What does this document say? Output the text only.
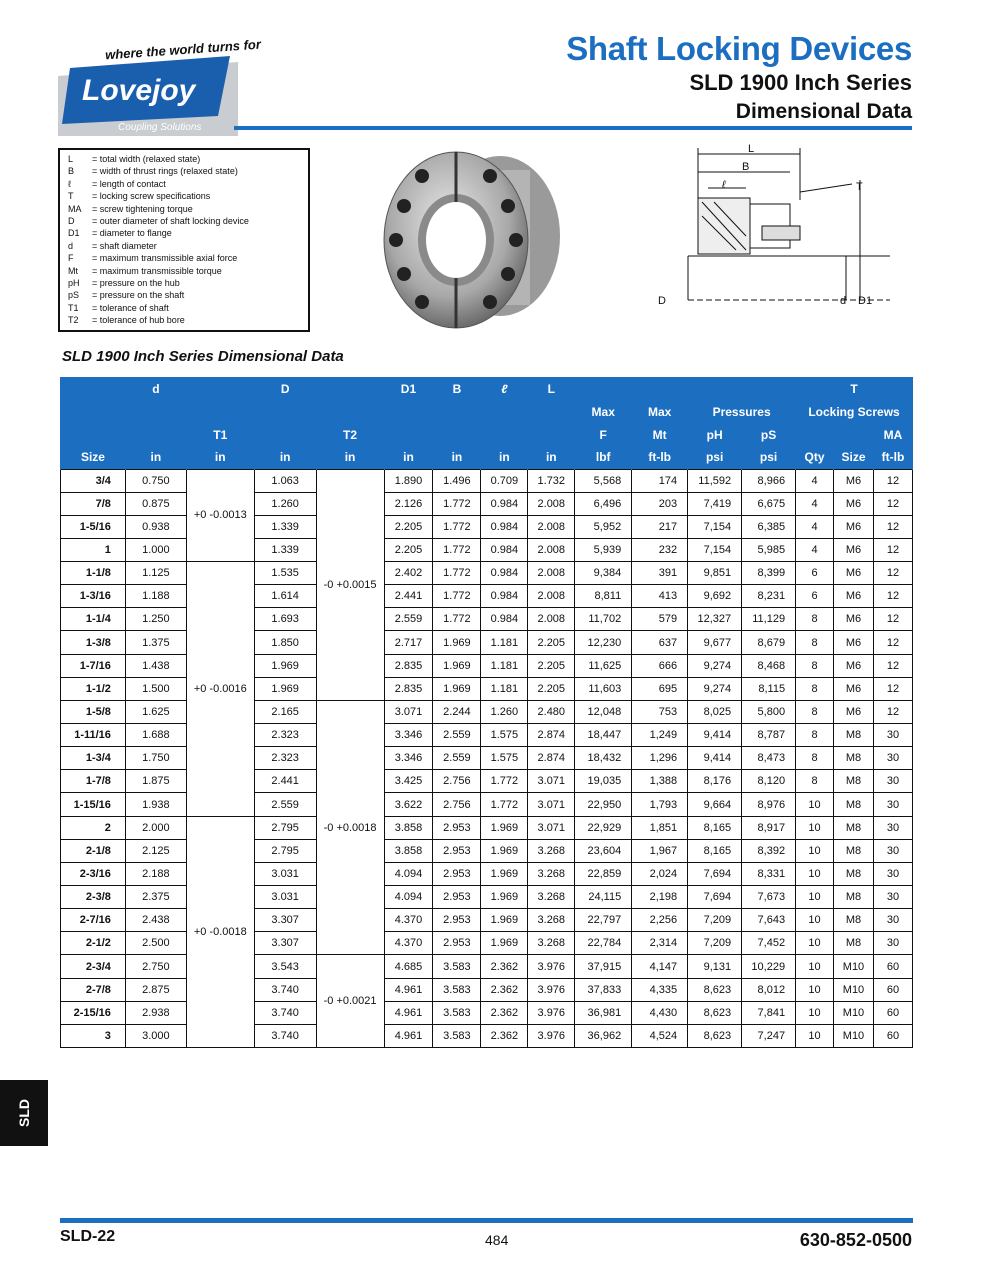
where the world turns for
Lovejoy
Coupling Solutions
Shaft Locking Devices
SLD 1900 Inch Series
Dimensional Data
L	= total width (relaxed state)
B	= width of thrust rings (relaxed state)
ℓ	= length of contact
T	= locking screw specifications
MA	= screw tightening torque
D	= outer diameter of shaft locking device
D1	= diameter to flange
d	= shaft diameter
F	= maximum transmissible axial force
Mt	= maximum transmissible torque
pH	= pressure on the hub
pS	= pressure on the shaft
T1	= tolerance of shaft
T2	= tolerance of hub bore
L
B
ℓ	T
D	d D1
SLD 1900 Inch Series Dimensional Data
	d		D		D1	B	ℓ	L					T		
									Max	Max	Pressures		Locking Screws		
		T1		T2					F	Mt	pH	pS			MA
Size	in	in	in	in	in	in	in	in	lbf	ft-lb	psi	psi	Qty	Size	ft-lb
3/4	0.750	+0 -0.0013	1.063	-0 +0.0015	1.890	1.496	0.709	1.732	5,568	174	11,592	8,966	4	M6	12
7/8	0.875		1.260		2.126	1.772	0.984	2.008	6,496	203	7,419	6,675	4	M6	12
1-5/16	0.938		1.339		2.205	1.772	0.984	2.008	5,952	217	7,154	6,385	4	M6	12
1	1.000		1.339		2.205	1.772	0.984	2.008	5,939	232	7,154	5,985	4	M6	12
1-1/8	1.125	+0 -0.0016	1.535		2.402	1.772	0.984	2.008	9,384	391	9,851	8,399	6	M6	12
1-3/16	1.188		1.614		2.441	1.772	0.984	2.008	8,811	413	9,692	8,231	6	M6	12
1-1/4	1.250		1.693		2.559	1.772	0.984	2.008	11,702	579	12,327	11,129	8	M6	12
1-3/8	1.375		1.850		2.717	1.969	1.181	2.205	12,230	637	9,677	8,679	8	M6	12
1-7/16	1.438		1.969		2.835	1.969	1.181	2.205	11,625	666	9,274	8,468	8	M6	12
1-1/2	1.500		1.969		2.835	1.969	1.181	2.205	11,603	695	9,274	8,115	8	M6	12
1-5/8	1.625		2.165	-0 +0.0018	3.071	2.244	1.260	2.480	12,048	753	8,025	5,800	8	M6	12
1-11/16	1.688		2.323		3.346	2.559	1.575	2.874	18,447	1,249	9,414	8,787	8	M8	30
1-3/4	1.750		2.323		3.346	2.559	1.575	2.874	18,432	1,296	9,414	8,473	8	M8	30
1-7/8	1.875		2.441		3.425	2.756	1.772	3.071	19,035	1,388	8,176	8,120	8	M8	30
1-15/16	1.938		2.559		3.622	2.756	1.772	3.071	22,950	1,793	9,664	8,976	10	M8	30
2	2.000	+0 -0.0018	2.795		3.858	2.953	1.969	3.071	22,929	1,851	8,165	8,917	10	M8	30
2-1/8	2.125		2.795		3.858	2.953	1.969	3.268	23,604	1,967	8,165	8,392	10	M8	30
2-3/16	2.188		3.031		4.094	2.953	1.969	3.268	22,859	2,024	7,694	8,331	10	M8	30
2-3/8	2.375		3.031		4.094	2.953	1.969	3.268	24,115	2,198	7,694	7,673	10	M8	30
2-7/16	2.438		3.307		4.370	2.953	1.969	3.268	22,797	2,256	7,209	7,643	10	M8	30
2-1/2	2.500		3.307		4.370	2.953	1.969	3.268	22,784	2,314	7,209	7,452	10	M8	30
2-3/4	2.750		3.543	-0 +0.0021	4.685	3.583	2.362	3.976	37,915	4,147	9,131	10,229	10	M10	60
2-7/8	2.875		3.740		4.961	3.583	2.362	3.976	37,833	4,335	8,623	8,012	10	M10	60
2-15/16	2.938		3.740		4.961	3.583	2.362	3.976	36,981	4,430	8,623	7,841	10	M10	60
3	3.000		3.740		4.961	3.583	2.362	3.976	36,962	4,524	8,623	7,247	10	M10	60
SLD
SLD-22	484	630-852-0500
